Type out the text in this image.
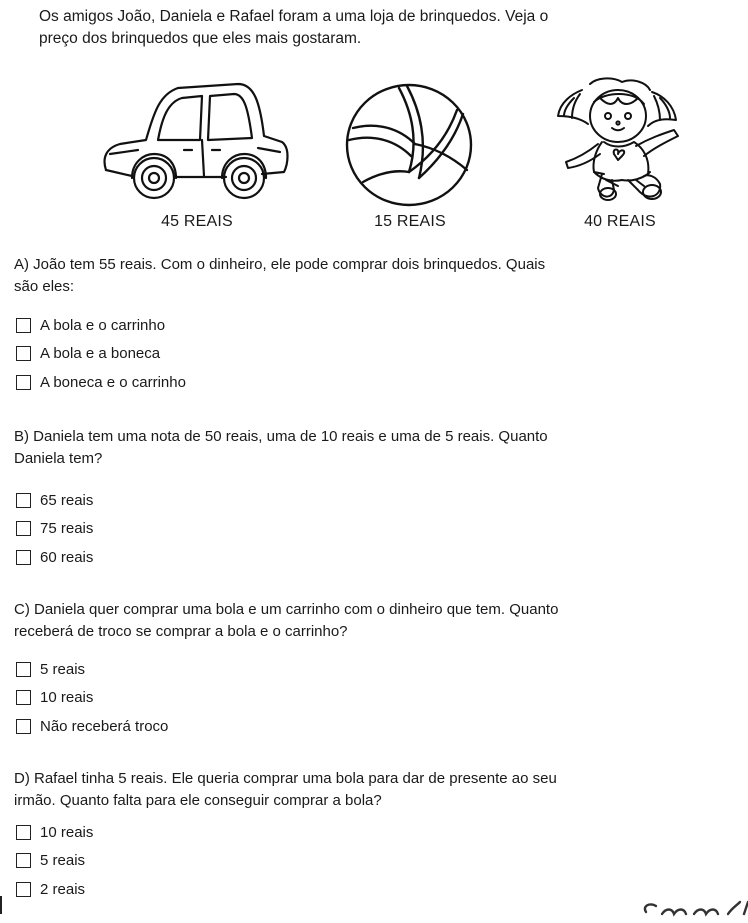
Os amigos João, Daniela e Rafael foram a uma loja de brinquedos. Veja o

preço dos brinquedos que eles mais gostaram.

45 REAIS	15 REAIS	40 REAIS

A) João tem 55 reais. Com o dinheiro, ele pode comprar dois brinquedos. Quais

são eles:

A bola e o carrinho
A bola e a boneca
A boneca e o carrinho

B) Daniela tem uma nota de 50 reais, uma de 10 reais e uma de 5 reais. Quanto

Daniela tem?

65 reais
75 reais
60 reais

C) Daniela quer comprar uma bola e um carrinho com o dinheiro que tem. Quanto

receberá de troco se comprar a bola e o carrinho?

5 reais
10 reais
Não receberá troco

D) Rafael tinha 5 reais. Ele queria comprar uma bola para dar de presente ao seu

irmão. Quanto falta para ele conseguir comprar a bola?

10 reais
5 reais
2 reais
